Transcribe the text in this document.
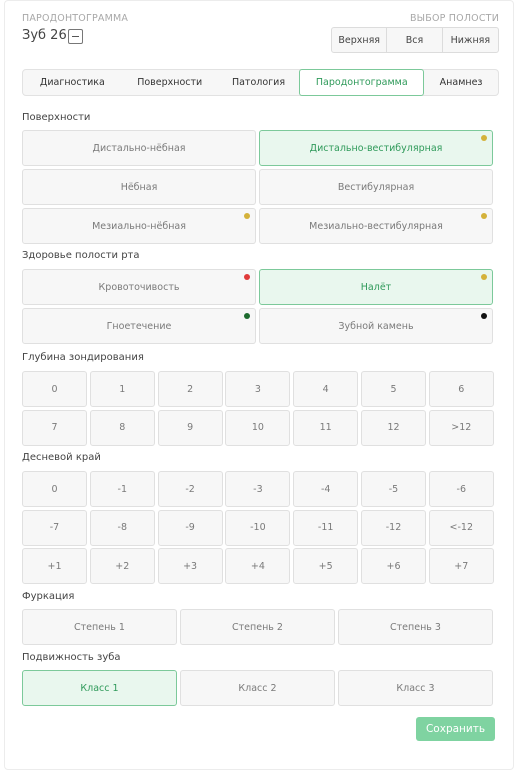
ПАРОДОНТОГРАММА
Зуб 26
ВЫБОР ПОЛОСТИ
Верхняя	Вся	Нижняя
Диагностика	Поверхности	Патология	Пародонтограмма	Анамнез
Поверхности
Дистально-нёбная	Дистально-вестибулярная
Нёбная	Вестибулярная
Мезиально-нёбная	Мезиально-вестибулярная
Здоровье полости рта
Кровоточивость	Налёт
Гноетечение	Зубной камень
Глубина зондирования
0	1	2	3	4	5	6
7	8	9	10	11	12	>12
Десневой край
0	-1	-2	-3	-4	-5	-6
-7	-8	-9	-10	-11	-12	<-12
+1	+2	+3	+4	+5	+6	+7
Фуркация
Степень 1	Степень 2	Степень 3
Подвижность зуба
Класс 1	Класс 2	Класс 3
Сохранить
